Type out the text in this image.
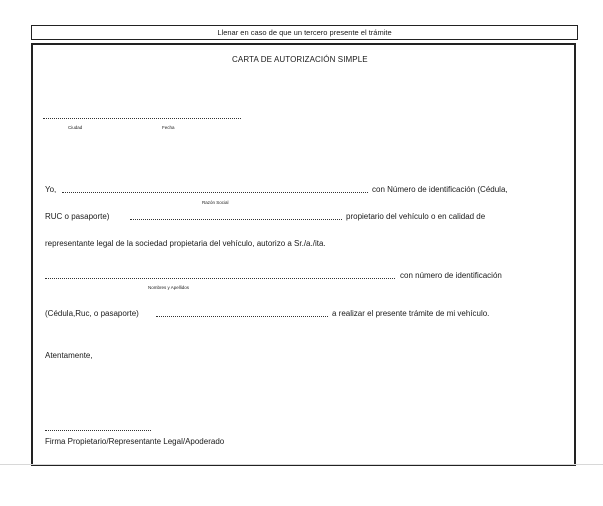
Llenar en caso de que un tercero presente el trámite
CARTA DE AUTORIZACIÓN SIMPLE
Ciudad	Fecha
Yo,	con Número de identificación (Cédula,
Razón Social
RUC o pasaporte)	propietario del vehículo o en calidad de
representante legal de la sociedad propietaria del vehículo, autorizo a Sr./a./ita.
con número de identificación
Nombres y Apellidos
(Cédula,Ruc, o pasaporte)	a realizar el presente trámite de mi vehículo.
Atentamente,
Firma Propietario/Representante Legal/Apoderado
